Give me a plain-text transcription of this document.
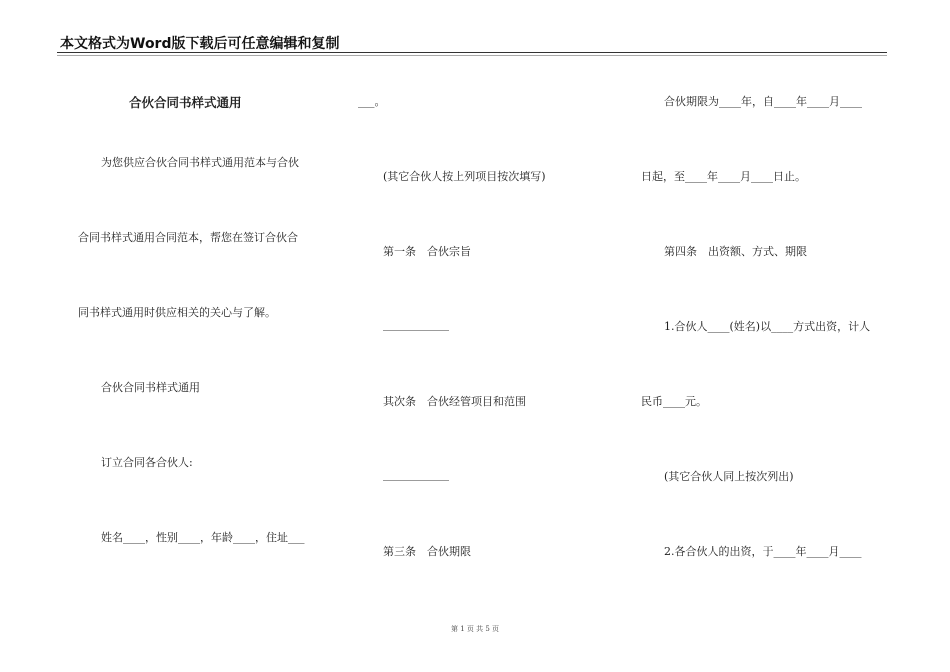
本文格式为Word版下载后可任意编辑和复制
合伙合同书样式通用
为您供应合伙合同书样式通用范本与合伙
合同书样式通用合同范本，帮您在签订合伙合
同书样式通用时供应相关的关心与了解。
合伙合同书样式通用
订立合同各合伙人:
姓名____，性别____，年龄____，住址___
___。
(其它合伙人按上列项目按次填写)
第一条　合伙宗旨
____________
其次条　合伙经管项目和范围
____________
第三条　合伙期限
合伙期限为____年，自____年____月____
日起，至____年____月____日止。
第四条　出资额、方式、期限
1.合伙人____(姓名)以____方式出资，计人
民币____元。
(其它合伙人同上按次列出)
2.各合伙人的出资，于____年____月____
第 1 页 共 5 页
